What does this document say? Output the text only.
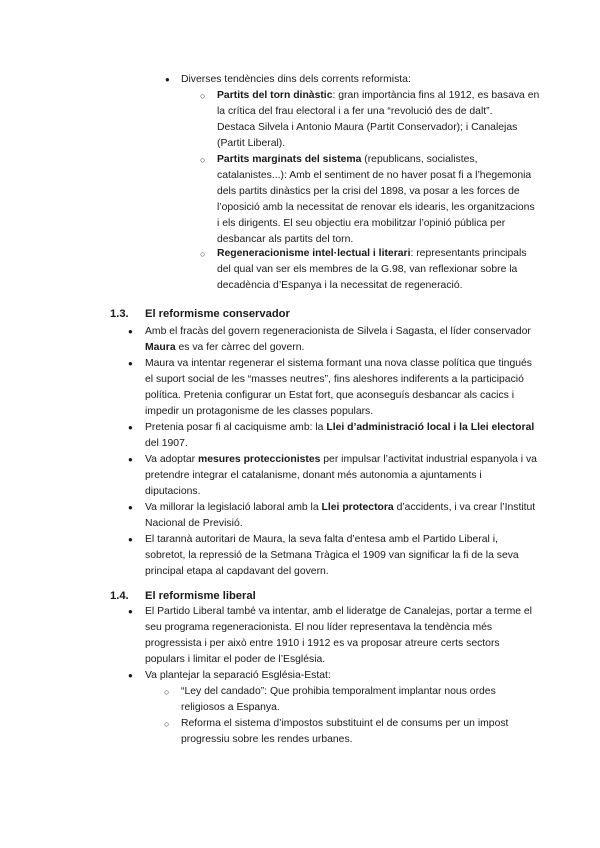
● Diverses tendències dins dels corrents reformista:
○ Partits del torn dinàstic: gran importància fins al 1912, es basava en
la crítica del frau electoral i a fer una “revolució des de dalt”.
Destaca Silvela i Antonio Maura (Partit Conservador); i Canalejas
(Partit Liberal).
○ Partits marginats del sistema (republicans, socialistes,
catalanistes...): Amb el sentiment de no haver posat fi a l’hegemonia
dels partits dinàstics per la crisi del 1898, va posar a les forces de
l’oposició amb la necessitat de renovar els idearis, les organitzacions
i els dirigents. El seu objectiu era mobilitzar l’opinió pública per
desbancar als partits del torn.
○ Regeneracionisme intel·lectual i literari: representants principals
del qual van ser els membres de la G.98, van reflexionar sobre la
decadència d’Espanya i la necessitat de regeneració.
1.3. El reformisme conservador
● Amb el fracàs del govern regeneracionista de Silvela i Sagasta, el líder conservador
Maura es va fer càrrec del govern.
● Maura va intentar regenerar el sistema formant una nova classe política que tingués
el suport social de les “masses neutres”, fins aleshores indiferents a la participació
política. Pretenia configurar un Estat fort, que aconseguís desbancar als cacics i
impedir un protagonisme de les classes populars.
● Pretenia posar fi al caciquisme amb: la Llei d’administració local i la Llei electoral
del 1907.
● Va adoptar mesures proteccionistes per impulsar l’activitat industrial espanyola i va
pretendre integrar el catalanisme, donant més autonomia a ajuntaments i
diputacions.
● Va millorar la legislació laboral amb la Llei protectora d’accidents, i va crear l’Institut
Nacional de Previsió.
● El tarannà autoritari de Maura, la seva falta d’entesa amb el Partido Liberal i,
sobretot, la repressió de la Setmana Tràgica el 1909 van significar la fi de la seva
principal etapa al capdavant del govern.
1.4. El reformisme liberal
● El Partido Liberal també va intentar, amb el lideratge de Canalejas, portar a terme el
seu programa regeneracionista. El nou líder representava la tendència més
progressista i per això entre 1910 i 1912 es va proposar atreure certs sectors
populars i limitar el poder de l’Església.
● Va plantejar la separació Església-Estat:
○ “Ley del candado”: Que prohibia temporalment implantar nous ordes
religiosos a Espanya.
○ Reforma el sistema d’impostos substituint el de consums per un impost
progressiu sobre les rendes urbanes.
